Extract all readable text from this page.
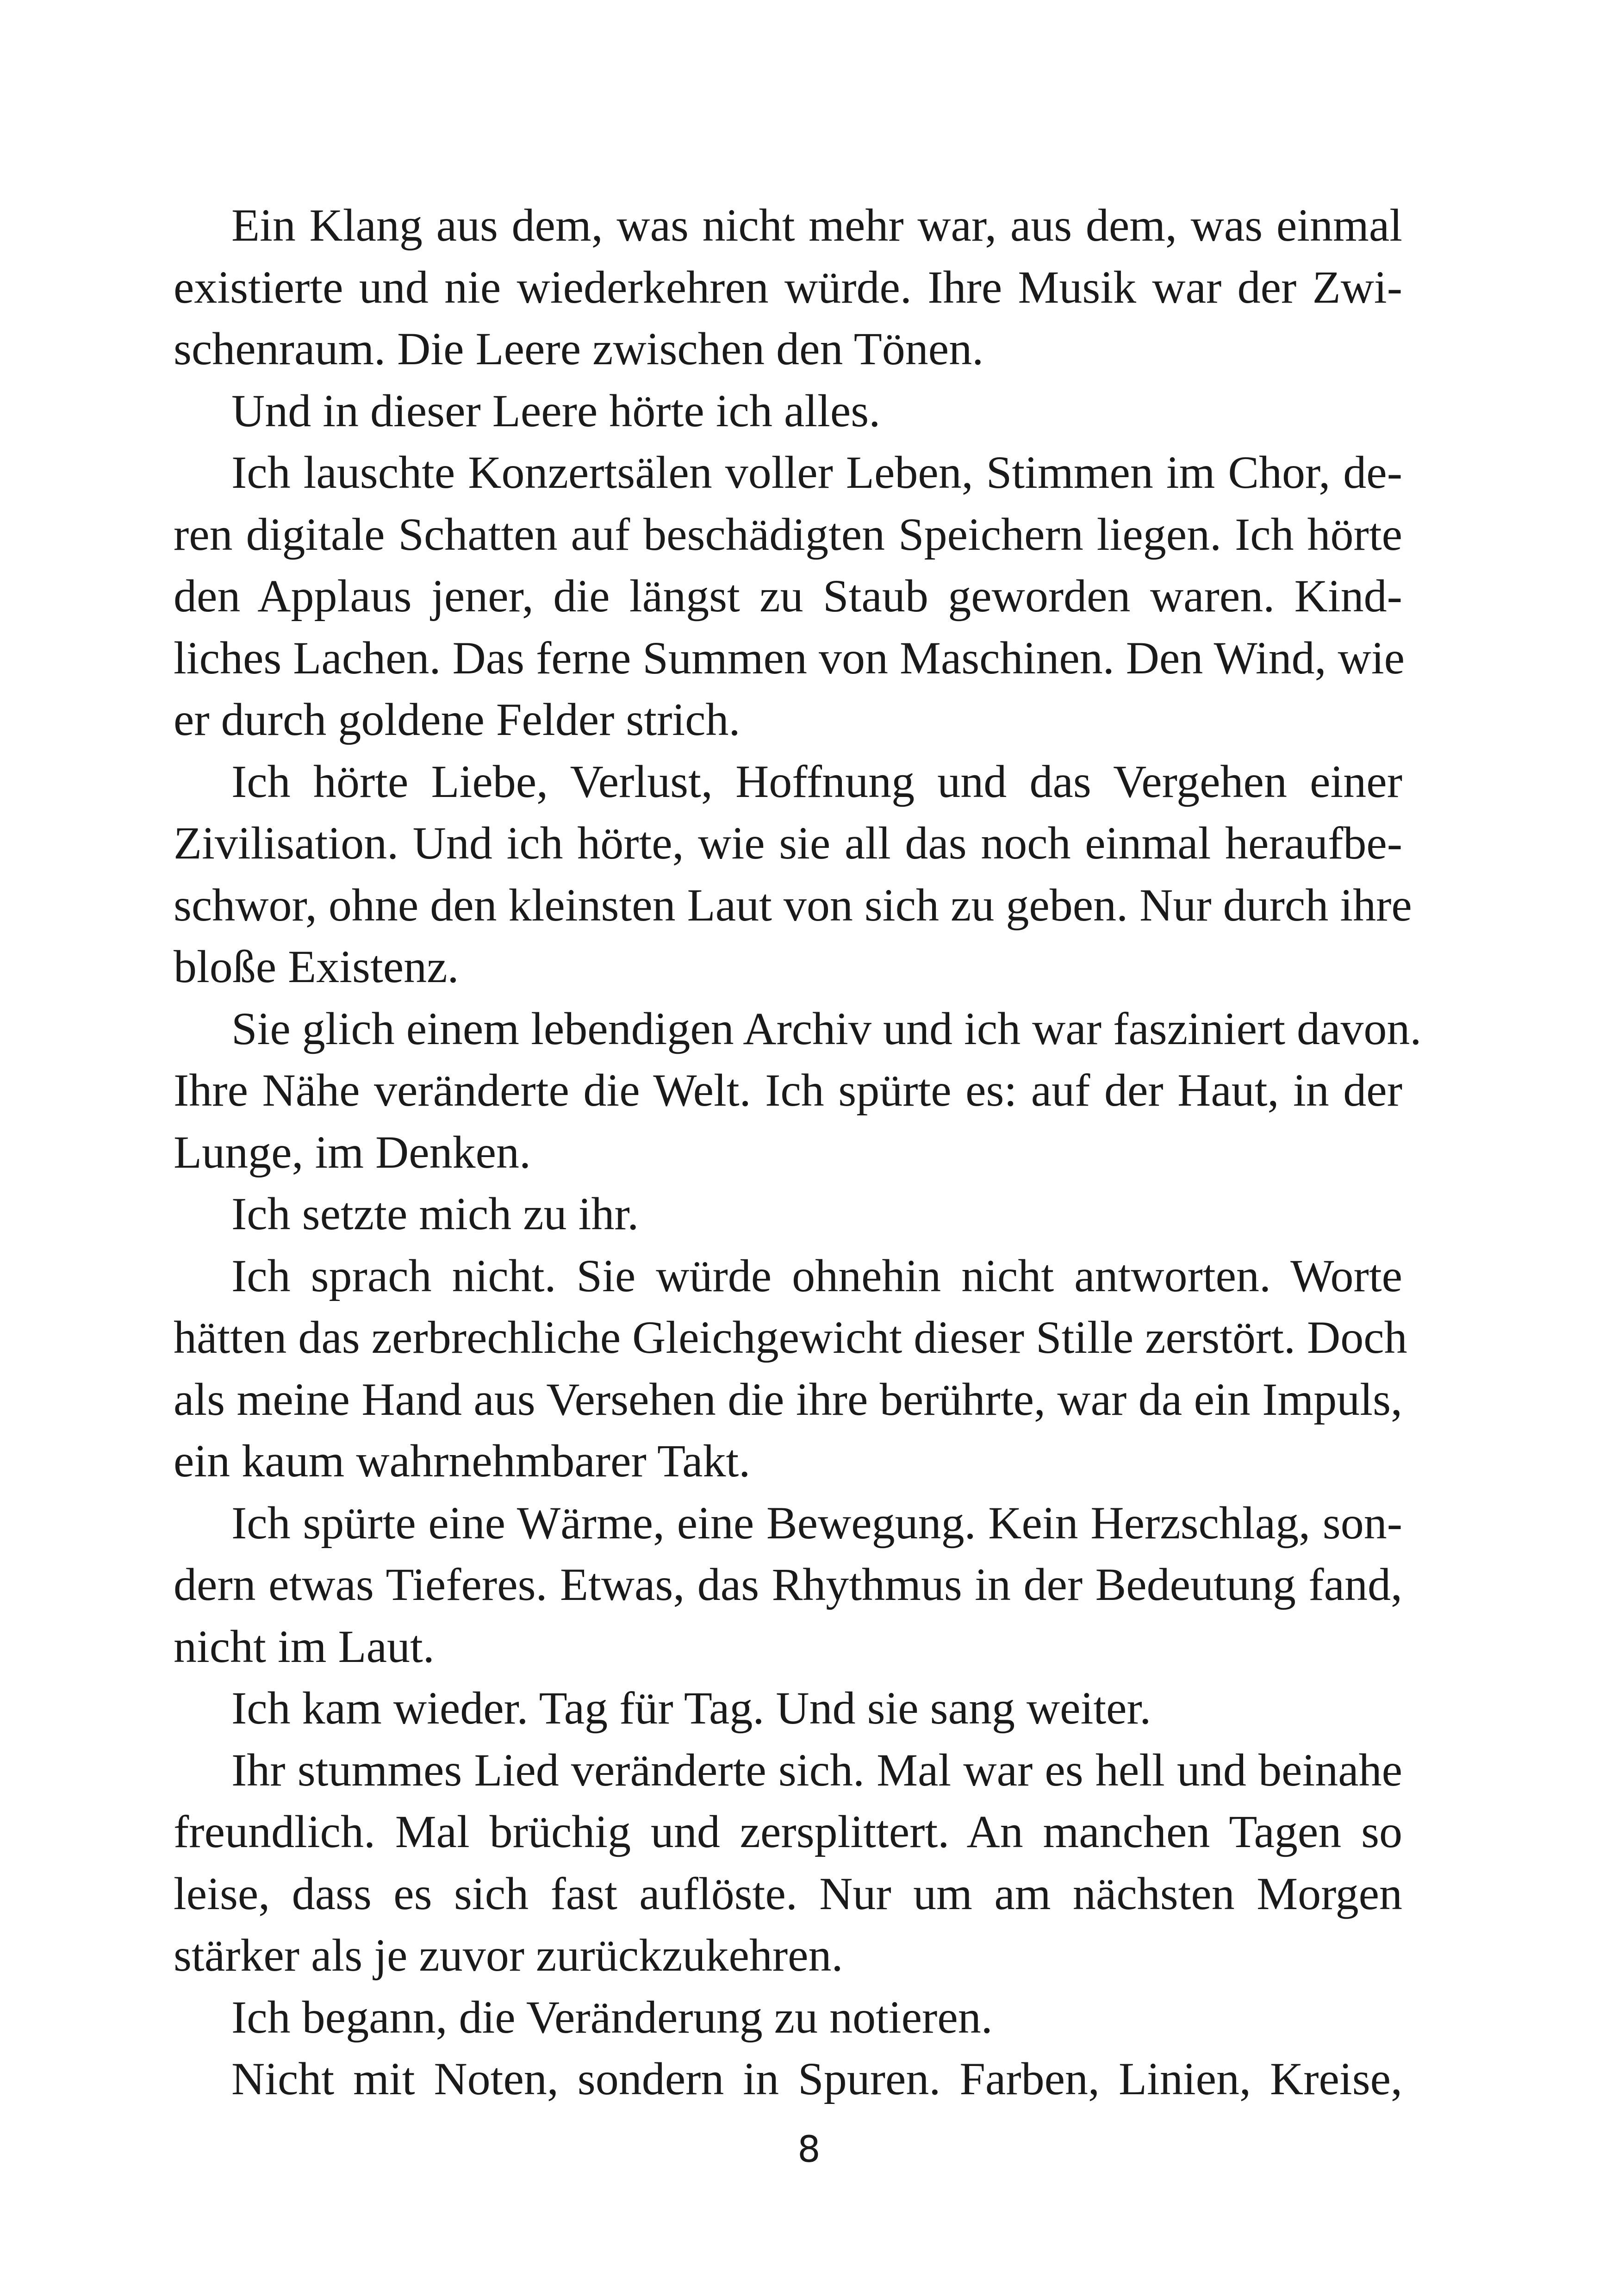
Ein Klang aus dem, was nicht mehr war, aus dem, was einmal
existierte und nie wiederkehren würde. Ihre Musik war der Zwi-
schenraum. Die Leere zwischen den Tönen.
Und in dieser Leere hörte ich alles.
Ich lauschte Konzertsälen voller Leben, Stimmen im Chor, de-
ren digitale Schatten auf beschädigten Speichern liegen. Ich hörte
den Applaus jener, die längst zu Staub geworden waren. Kind-
liches Lachen. Das ferne Summen von Maschinen. Den Wind, wie
er durch goldene Felder strich.
Ich hörte Liebe, Verlust, Hoffnung und das Vergehen einer
Zivilisation. Und ich hörte, wie sie all das noch einmal heraufbe-
schwor, ohne den kleinsten Laut von sich zu geben. Nur durch ihre
bloße Existenz.
Sie glich einem lebendigen Archiv und ich war fasziniert davon.
Ihre Nähe veränderte die Welt. Ich spürte es: auf der Haut, in der
Lunge, im Denken.
Ich setzte mich zu ihr.
Ich sprach nicht. Sie würde ohnehin nicht antworten. Worte
hätten das zerbrechliche Gleichgewicht dieser Stille zerstört. Doch
als meine Hand aus Versehen die ihre berührte, war da ein Impuls,
ein kaum wahrnehmbarer Takt.
Ich spürte eine Wärme, eine Bewegung. Kein Herzschlag, son-
dern etwas Tieferes. Etwas, das Rhythmus in der Bedeutung fand,
nicht im Laut.
Ich kam wieder. Tag für Tag. Und sie sang weiter.
Ihr stummes Lied veränderte sich. Mal war es hell und beinahe
freundlich. Mal brüchig und zersplittert. An manchen Tagen so
leise, dass es sich fast auflöste. Nur um am nächsten Morgen
stärker als je zuvor zurückzukehren.
Ich begann, die Veränderung zu notieren.
Nicht mit Noten, sondern in Spuren. Farben, Linien, Kreise,
8
